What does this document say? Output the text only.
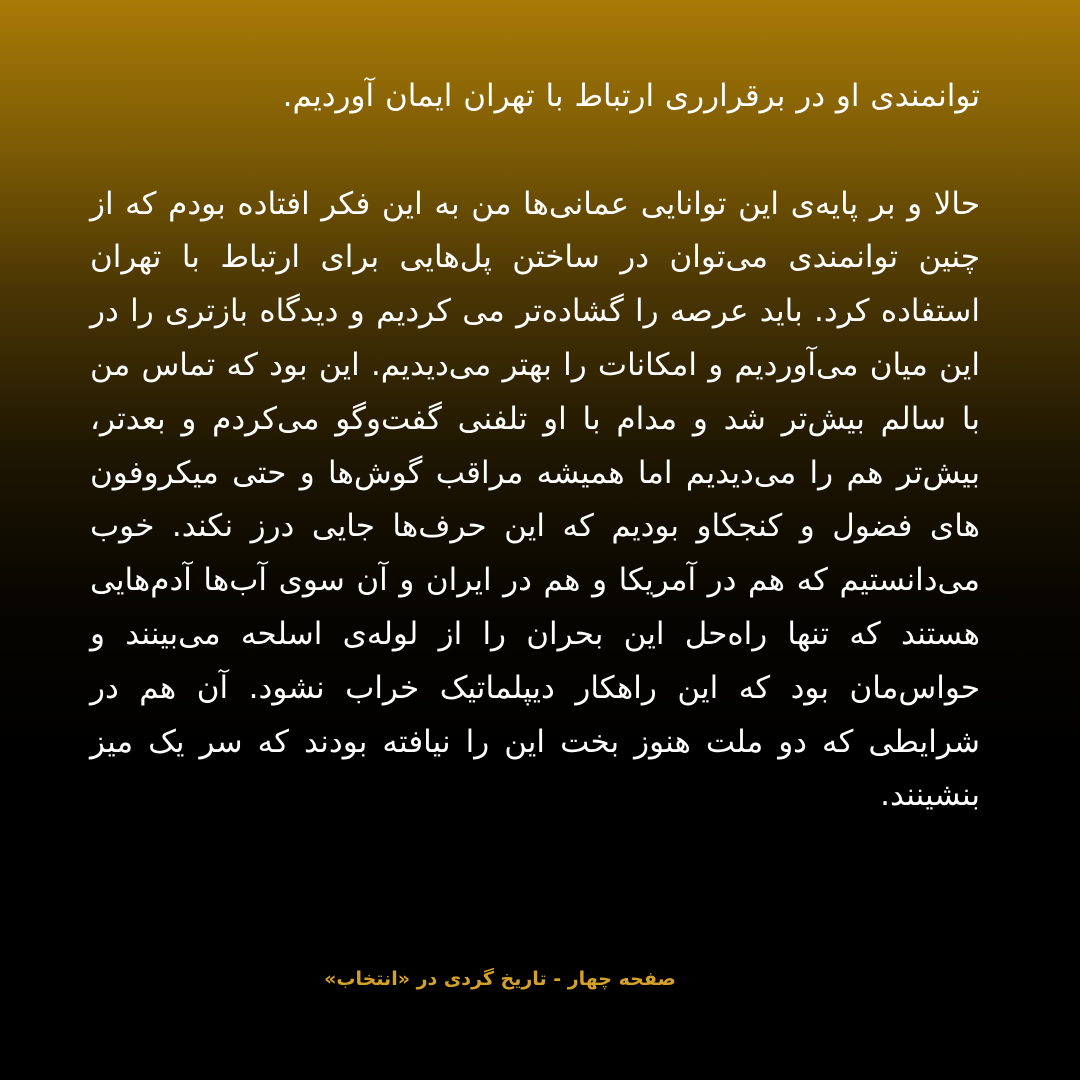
توانمندی او در برقرارری ارتباط با تهران ایمان آوردیم.

حالا و بر پایه‌ی این توانایی عمانی‌ها من به این فکر افتاده بودم که از چنین توانمندی می‌توان در ساختن پل‌هایی برای ارتباط با تهران استفاده کرد. باید عرصه را گشاده‌تر می کردیم و دیدگاه بازتری را در این میان می‌آوردیم و امکانات را بهتر می‌دیدیم. این بود که تماس من با سالم بیش‌تر شد و مدام با او تلفنی گفت‌وگو می‌کردم و بعدتر، بیش‌تر هم را می‌دیدیم اما همیشه مراقب گوش‌ها و حتی میکروفون های فضول و کنجکاو بودیم که این حرف‌ها جایی درز نکند. خوب می‌دانستیم که هم در آمریکا و هم در ایران و آن سوی آب‌ها آدم‌هایی هستند که تنها راه‌حل این بحران را از لوله‌ی اسلحه می‌بینند و حواس‌مان بود که این راهکار دیپلماتیک خراب نشود. آن هم در شرایطی که دو ملت هنوز بخت این را نیافته بودند که سر یک میز بنشینند.

صفحه چهار - تاریخ گردی در «انتخاب»
